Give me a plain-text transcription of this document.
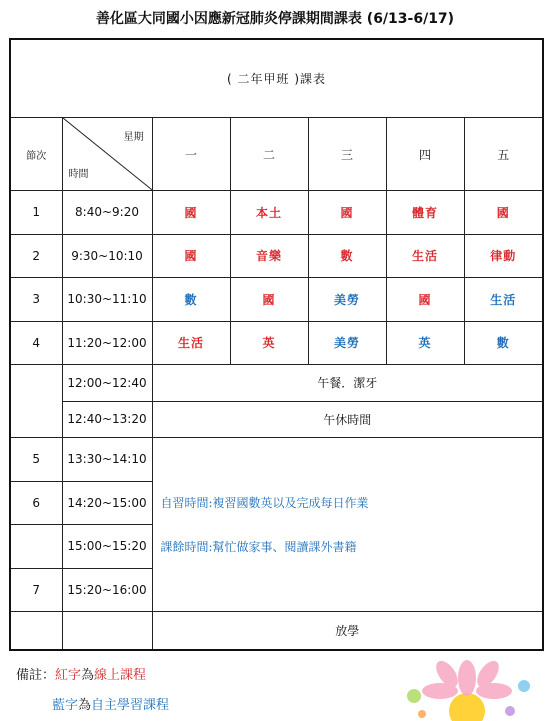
善化區大同國小因應新冠肺炎停課期間課表 (6/13-6/17)
( 二年甲班 )課表						
節次	星期
時間	一	二	三	四	五
1	8:40~9:20	國	本土	國	體育	國
2	9:30~10:10	國	音樂	數	生活	律動
3	10:30~11:10	數	國	美勞	國	生活
4	11:20~12:00	生活	英	美勞	英	數
	12:00~12:40	午餐．潔牙				
	12:40~13:20	午休時間				
5	13:30~14:10	自習時間:複習國數英以及完成每日作業
課餘時間:幫忙做家事、閱讀課外書籍				

6	14:20~15:00					
	15:00~15:20					
7	15:20~16:00					
		放學				
備註：紅字為線上課程
藍字為自主學習課程
